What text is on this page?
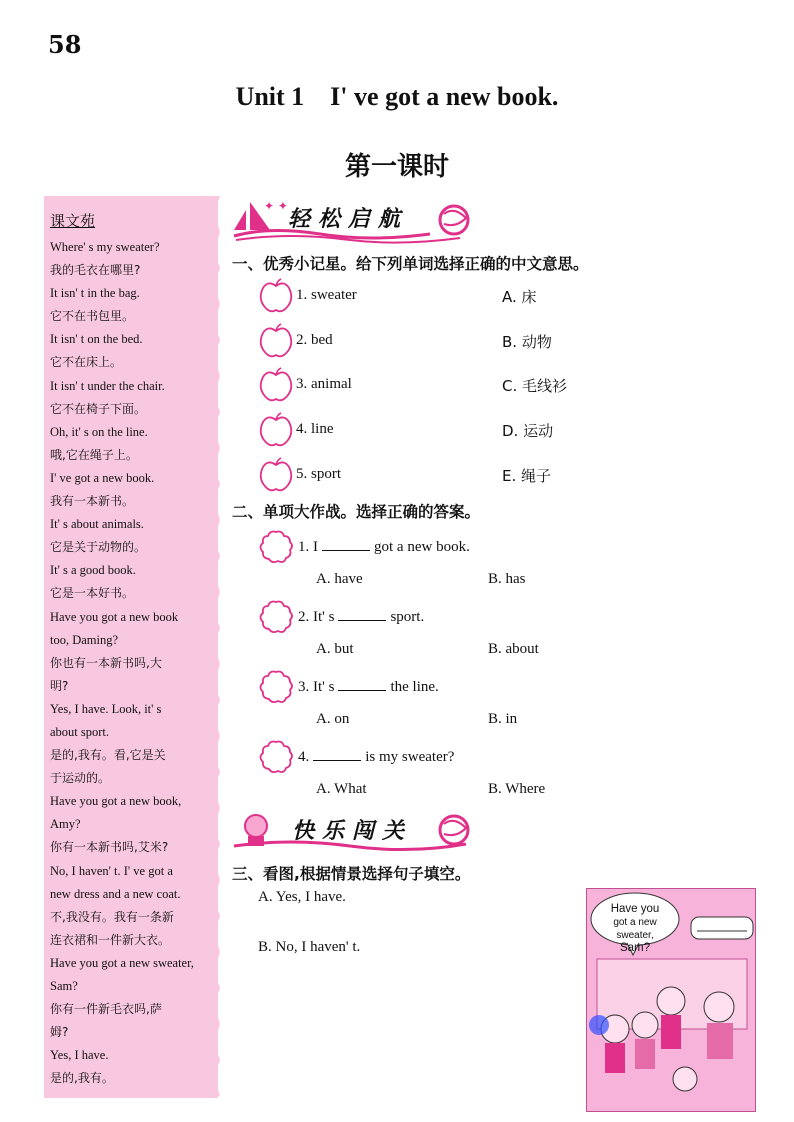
58
Unit 1    I' ve got a new book.
第一课时
课文苑
Where' s my sweater?
我的毛衣在哪里?
It isn' t in the bag.
它不在书包里。
It isn' t on the bed.
它不在床上。
It isn' t under the chair.
它不在椅子下面。
Oh, it' s on the line.
哦,它在绳子上。
I' ve got a new book.
我有一本新书。
It' s about animals.
它是关于动物的。
It' s a good book.
它是一本好书。
Have you got a new book
too, Daming?
你也有一本新书吗,大
明?
Yes, I have. Look, it' s
about sport.
是的,我有。看,它是关
于运动的。
Have you got a new book,
Amy?
你有一本新书吗,艾米?
No, I haven' t. I' ve got a
new dress and a new coat.
不,我没有。我有一条新
连衣裙和一件新大衣。
Have you got a new sweater,
Sam?
你有一件新毛衣吗,萨
姆?
Yes, I have.
是的,我有。
✦ ✦
轻松启航
一、优秀小记星。给下列单词选择正确的中文意思。
1. sweater	A. 床
2. bed	B. 动物
3. animal	C. 毛线衫
4. line	D. 运动
5. sport	E. 绳子
二、单项大作战。选择正确的答案。
1. I	got a new book.
A. have	B. has
2. It' s	sport.
A. but	B. about
3. It' s	the line.
A. on	B. in
4.	is my sweater?
A. What	B. Where
快乐闯关
三、看图,根据情景选择句子填空。
A. Yes, I have.
B. No, I haven' t.
Have you
got a new sweater,
Sam?
